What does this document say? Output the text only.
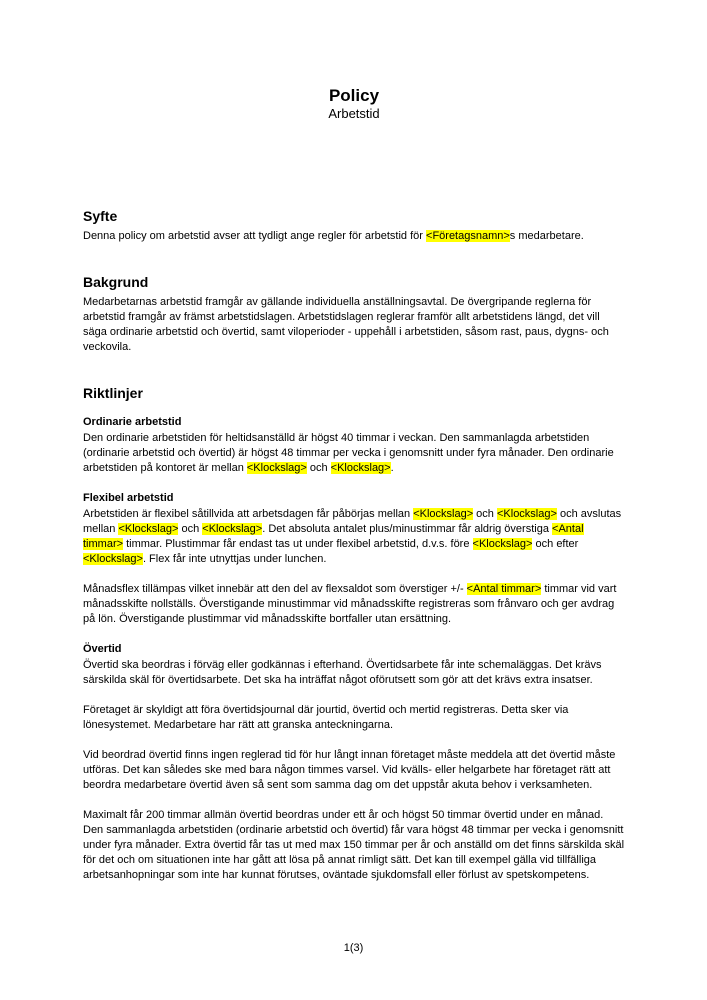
Policy
Arbetstid
Syfte

Denna policy om arbetstid avser att tydligt ange regler för arbetstid för <Företagsnamn>s medarbetare.

Bakgrund

Medarbetarnas arbetstid framgår av gällande individuella anställningsavtal. De övergripande reglerna för arbetstid framgår av främst arbetstidslagen. Arbetstidslagen reglerar framför allt arbetstidens längd, det vill säga ordinarie arbetstid och övertid, samt viloperioder - uppehåll i arbetstiden, såsom rast, paus, dygns- och veckovila.

Riktlinjer
Ordinarie arbetstid

Den ordinarie arbetstiden för heltidsanställd är högst 40 timmar i veckan. Den sammanlagda arbetstiden (ordinarie arbetstid och övertid) är högst 48 timmar per vecka i genomsnitt under fyra månader. Den ordinarie arbetstiden på kontoret är mellan <Klockslag> och <Klockslag>.

Flexibel arbetstid

Arbetstiden är flexibel såtillvida att arbetsdagen får påbörjas mellan <Klockslag> och <Klockslag> och avslutas mellan <Klockslag> och <Klockslag>. Det absoluta antalet plus/minustimmar får aldrig överstiga <Antal timmar> timmar. Plustimmar får endast tas ut under flexibel arbetstid, d.v.s. före <Klockslag> och efter <Klockslag>. Flex får inte utnyttjas under lunchen.

Månadsflex tillämpas vilket innebär att den del av flexsaldot som överstiger +/- <Antal timmar> timmar vid vart månadsskifte nollställs. Överstigande minustimmar vid månadsskifte registreras som frånvaro och ger avdrag på lön. Överstigande plustimmar vid månadsskifte bortfaller utan ersättning.

Övertid

Övertid ska beordras i förväg eller godkännas i efterhand. Övertidsarbete får inte schemaläggas. Det krävs särskilda skäl för övertidsarbete. Det ska ha inträffat något oförutsett som gör att det krävs extra insatser.

Företaget är skyldigt att föra övertidsjournal där jourtid, övertid och mertid registreras. Detta sker via lönesystemet. Medarbetare har rätt att granska anteckningarna.

Vid beordrad övertid finns ingen reglerad tid för hur långt innan företaget måste meddela att det övertid måste utföras. Det kan således ske med bara någon timmes varsel. Vid kvälls- eller helgarbete har företaget rätt att beordra medarbetare övertid även så sent som samma dag om det uppstår akuta behov i verksamheten.

Maximalt får 200 timmar allmän övertid beordras under ett år och högst 50 timmar övertid under en månad. Den sammanlagda arbetstiden (ordinarie arbetstid och övertid) får vara högst 48 timmar per vecka i genomsnitt under fyra månader. Extra övertid får tas ut med max 150 timmar per år och anställd om det finns särskilda skäl för det och om situationen inte har gått att lösa på annat rimligt sätt. Det kan till exempel gälla vid tillfälliga arbetsanhopningar som inte har kunnat förutses, oväntade sjukdomsfall eller förlust av spetskompetens.

1(3)
